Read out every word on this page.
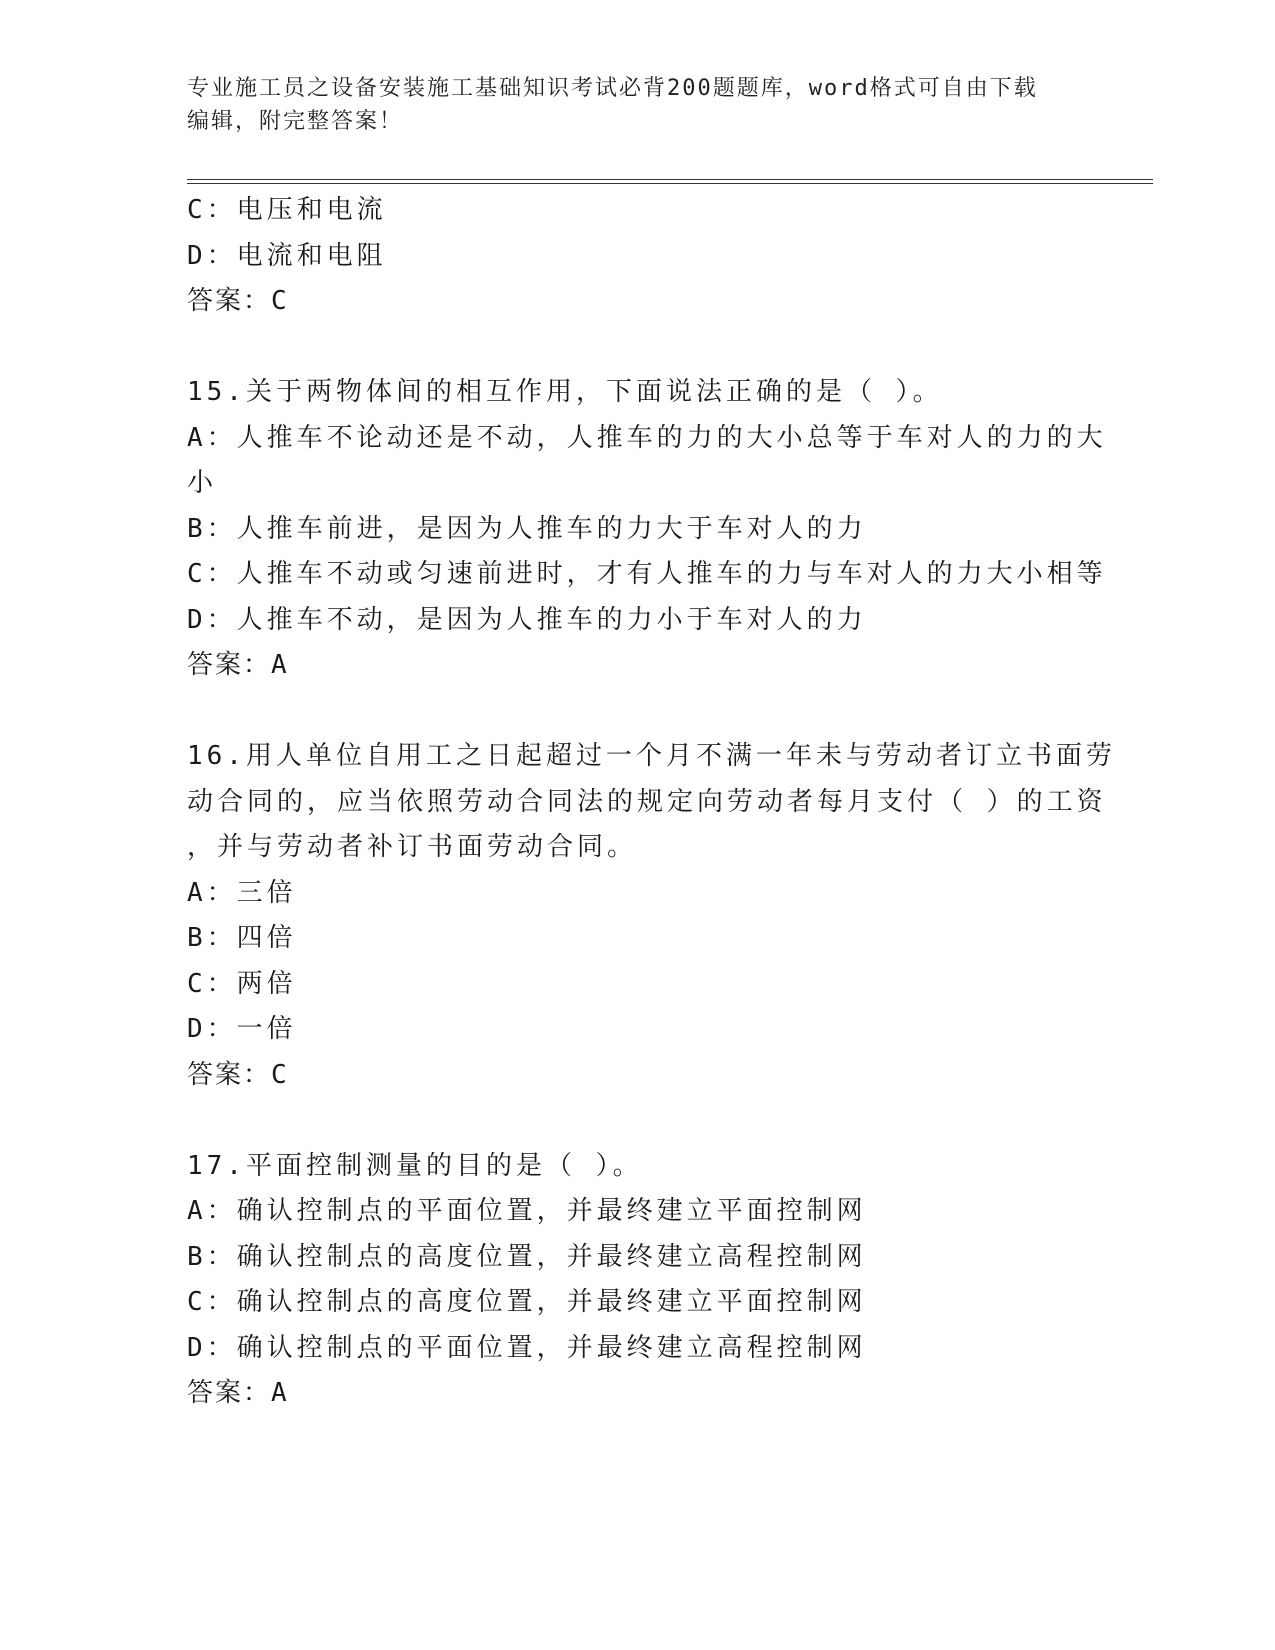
专业施工员之设备安装施工基础知识考试必背200题题库，word格式可自由下载
编辑，附完整答案！
C：电压和电流
D：电流和电阻
答案：C
15.关于两物体间的相互作用，下面说法正确的是（ ）。
A：人推车不论动还是不动，人推车的力的大小总等于车对人的力的大
小
B：人推车前进，是因为人推车的力大于车对人的力
C：人推车不动或匀速前进时，才有人推车的力与车对人的力大小相等
D：人推车不动，是因为人推车的力小于车对人的力
答案：A
16.用人单位自用工之日起超过一个月不满一年未与劳动者订立书面劳
动合同的，应当依照劳动合同法的规定向劳动者每月支付（ ）的工资
，并与劳动者补订书面劳动合同。
A：三倍
B：四倍
C：两倍
D：一倍
答案：C
17.平面控制测量的目的是（ ）。
A：确认控制点的平面位置，并最终建立平面控制网
B：确认控制点的高度位置，并最终建立高程控制网
C：确认控制点的高度位置，并最终建立平面控制网
D：确认控制点的平面位置，并最终建立高程控制网
答案：A
